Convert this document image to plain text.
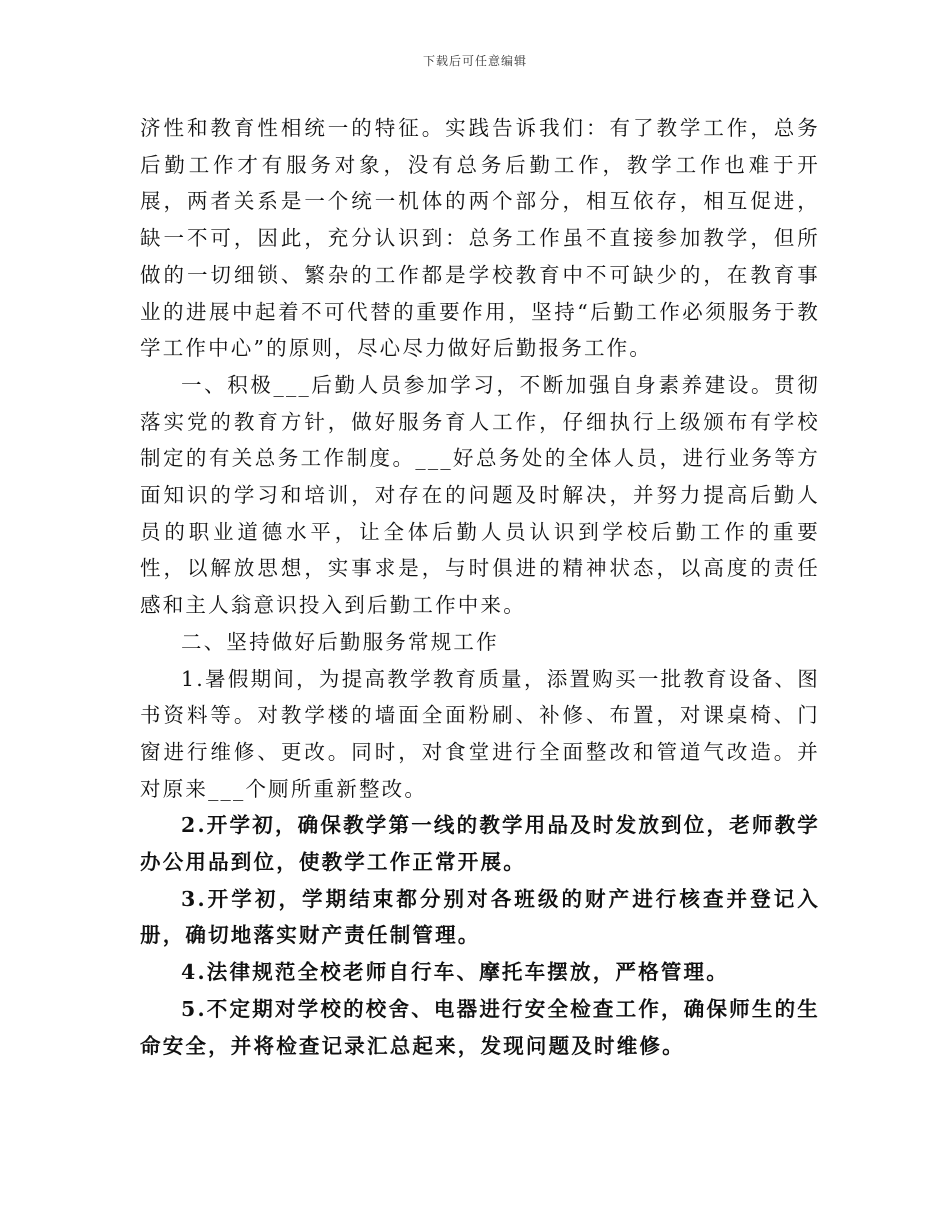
下载后可任意编辑

济性和教育性相统一的特征。实践告诉我们：有了教学工作，总务后勤工作才有服务对象，没有总务后勤工作，教学工作也难于开展，两者关系是一个统一机体的两个部分，相互依存，相互促进，缺一不可，因此，充分认识到：总务工作虽不直接参加教学，但所做的一切细锁、繁杂的工作都是学校教育中不可缺少的，在教育事业的进展中起着不可代替的重要作用，坚持“后勤工作必须服务于教学工作中心”的原则，尽心尽力做好后勤报务工作。

一、积极___后勤人员参加学习，不断加强自身素养建设。贯彻落实党的教育方针，做好服务育人工作，仔细执行上级颁布有学校制定的有关总务工作制度。___好总务处的全体人员，进行业务等方面知识的学习和培训，对存在的问题及时解决，并努力提高后勤人员的职业道德水平，让全体后勤人员认识到学校后勤工作的重要性，以解放思想，实事求是，与时俱进的精神状态，以高度的责任感和主人翁意识投入到后勤工作中来。

二、坚持做好后勤服务常规工作

1.暑假期间，为提高教学教育质量，添置购买一批教育设备、图书资料等。对教学楼的墙面全面粉刷、补修、布置，对课桌椅、门窗进行维修、更改。同时，对食堂进行全面整改和管道气改造。并对原来___个厕所重新整改。

2.开学初，确保教学第一线的教学用品及时发放到位，老师教学办公用品到位，使教学工作正常开展。

3.开学初，学期结束都分别对各班级的财产进行核查并登记入册，确切地落实财产责任制管理。

4.法律规范全校老师自行车、摩托车摆放，严格管理。

5.不定期对学校的校舍、电器进行安全检查工作，确保师生的生命安全，并将检查记录汇总起来，发现问题及时维修。
